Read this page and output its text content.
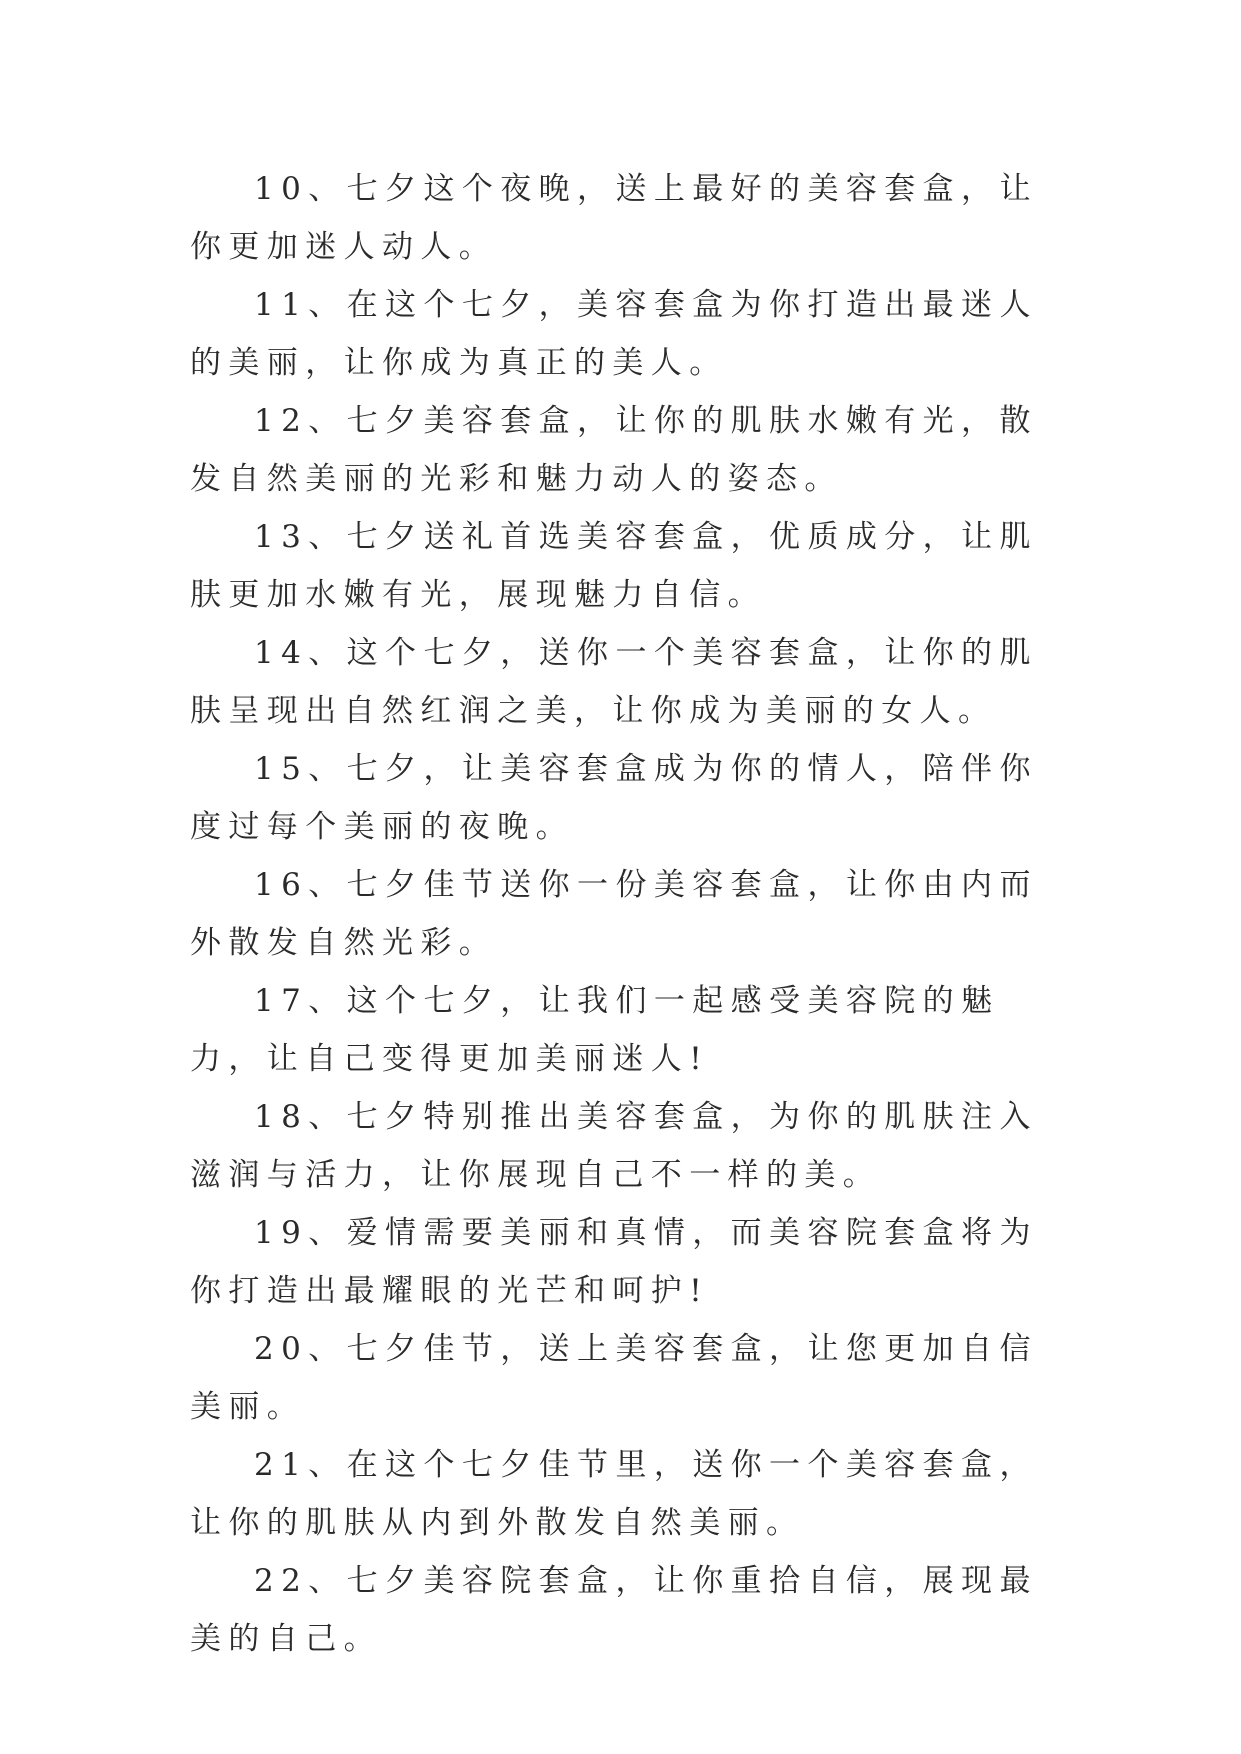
10、七夕这个夜晚，送上最好的美容套盒，让你更加迷人动人。

11、在这个七夕，美容套盒为你打造出最迷人的美丽，让你成为真正的美人。

12、七夕美容套盒，让你的肌肤水嫩有光，散发自然美丽的光彩和魅力动人的姿态。

13、七夕送礼首选美容套盒，优质成分，让肌肤更加水嫩有光，展现魅力自信。

14、这个七夕，送你一个美容套盒，让你的肌肤呈现出自然红润之美，让你成为美丽的女人。

15、七夕，让美容套盒成为你的情人，陪伴你度过每个美丽的夜晚。

16、七夕佳节送你一份美容套盒，让你由内而外散发自然光彩。

17、这个七夕，让我们一起感受美容院的魅力，让自己变得更加美丽迷人!

18、七夕特别推出美容套盒，为你的肌肤注入滋润与活力，让你展现自己不一样的美。

19、爱情需要美丽和真情，而美容院套盒将为你打造出最耀眼的光芒和呵护!

20、七夕佳节，送上美容套盒，让您更加自信美丽。

21、在这个七夕佳节里，送你一个美容套盒，让你的肌肤从内到外散发自然美丽。

22、七夕美容院套盒，让你重拾自信，展现最美的自己。
